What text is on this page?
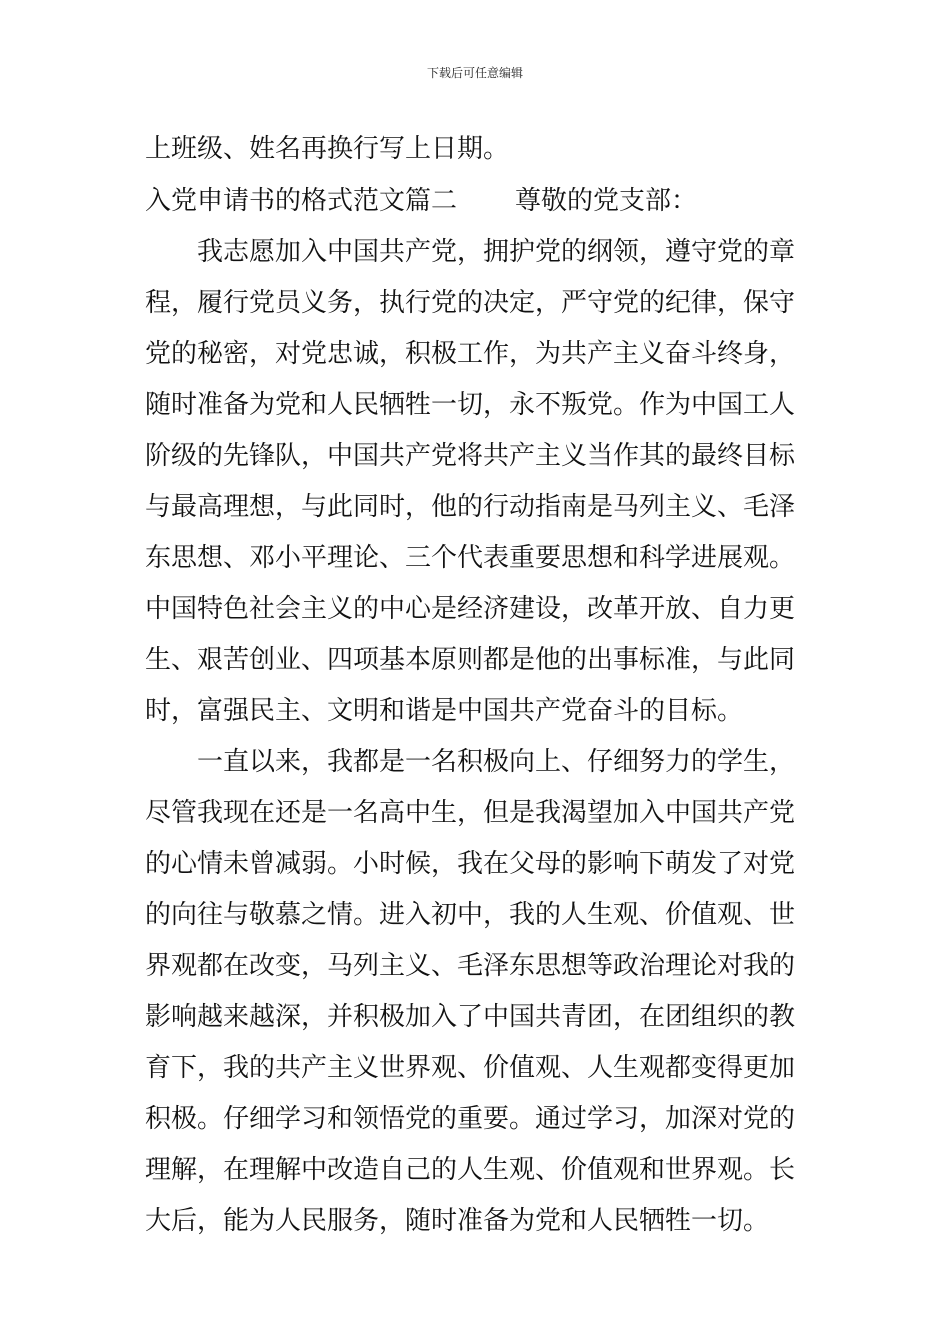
下载后可任意编辑
上班级、姓名再换行写上日期。
入党申请书的格式范文篇二 尊敬的党支部：
我志愿加入中国共产党，拥护党的纲领，遵守党的章
程，履行党员义务，执行党的决定，严守党的纪律，保守
党的秘密，对党忠诚，积极工作，为共产主义奋斗终身，
随时准备为党和人民牺牲一切，永不叛党。作为中国工人
阶级的先锋队，中国共产党将共产主义当作其的最终目标
与最高理想，与此同时，他的行动指南是马列主义、毛泽
东思想、邓小平理论、三个代表重要思想和科学进展观。
中国特色社会主义的中心是经济建设，改革开放、自力更
生、艰苦创业、四项基本原则都是他的出事标准，与此同
时，富强民主、文明和谐是中国共产党奋斗的目标。
一直以来，我都是一名积极向上、仔细努力的学生，
尽管我现在还是一名高中生，但是我渴望加入中国共产党
的心情未曾减弱。小时候，我在父母的影响下萌发了对党
的向往与敬慕之情。进入初中，我的人生观、价值观、世
界观都在改变，马列主义、毛泽东思想等政治理论对我的
影响越来越深，并积极加入了中国共青团，在团组织的教
育下，我的共产主义世界观、价值观、人生观都变得更加
积极。仔细学习和领悟党的重要。通过学习，加深对党的
理解，在理解中改造自己的人生观、价值观和世界观。长
大后，能为人民服务，随时准备为党和人民牺牲一切。
